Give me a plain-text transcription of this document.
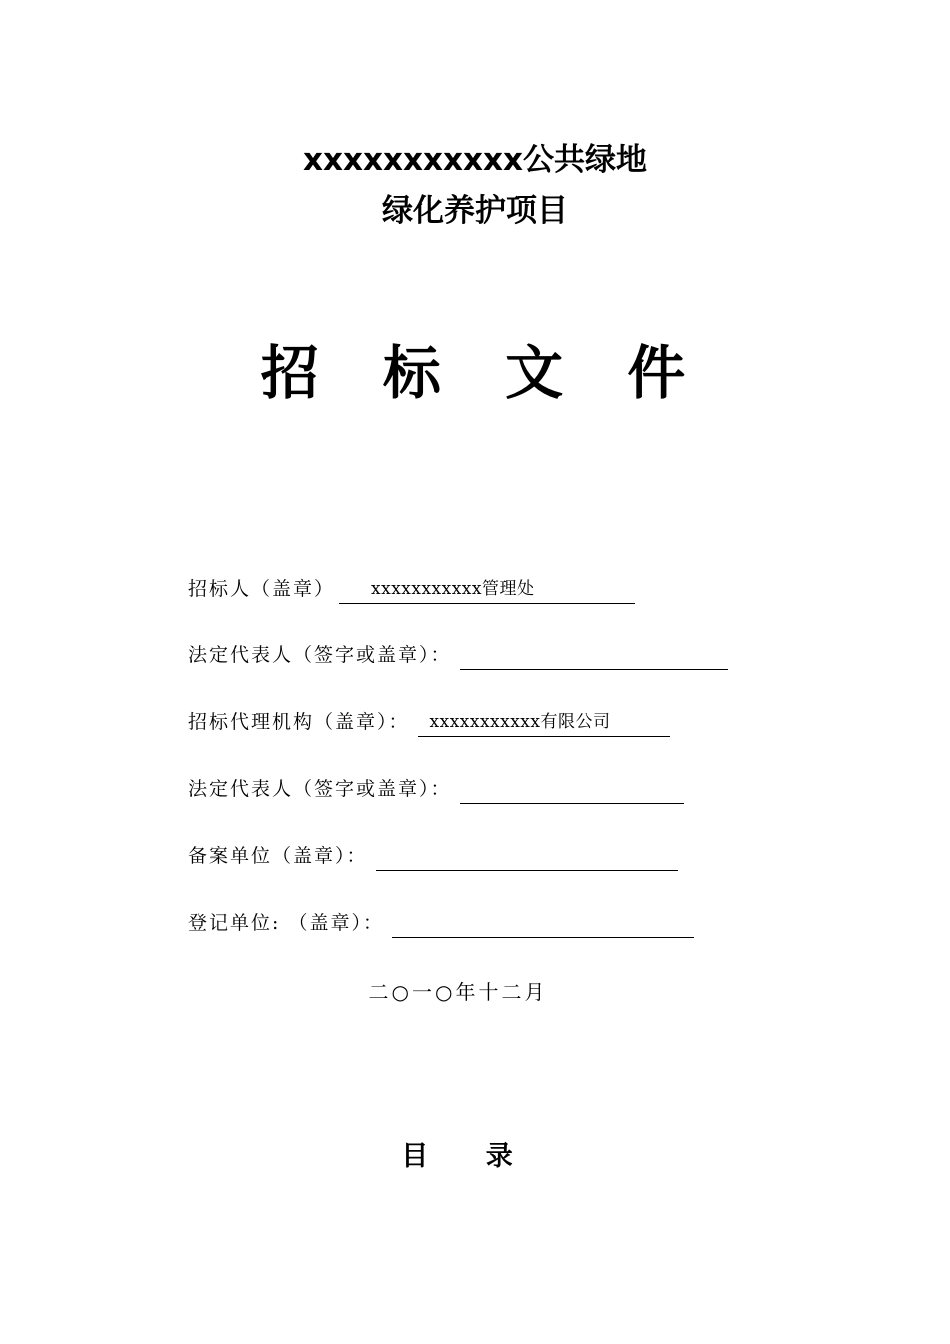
xxxxxxxxxxx公共绿地
绿化养护项目
招 标 文 件
招标人（盖章） xxxxxxxxxxx管理处
法定代表人（签字或盖章）：
招标代理机构（盖章）： xxxxxxxxxxx有限公司
法定代表人（签字或盖章）：
备案单位（盖章）：
登记单位: （盖章）：
二○一○年十二月
目 录
